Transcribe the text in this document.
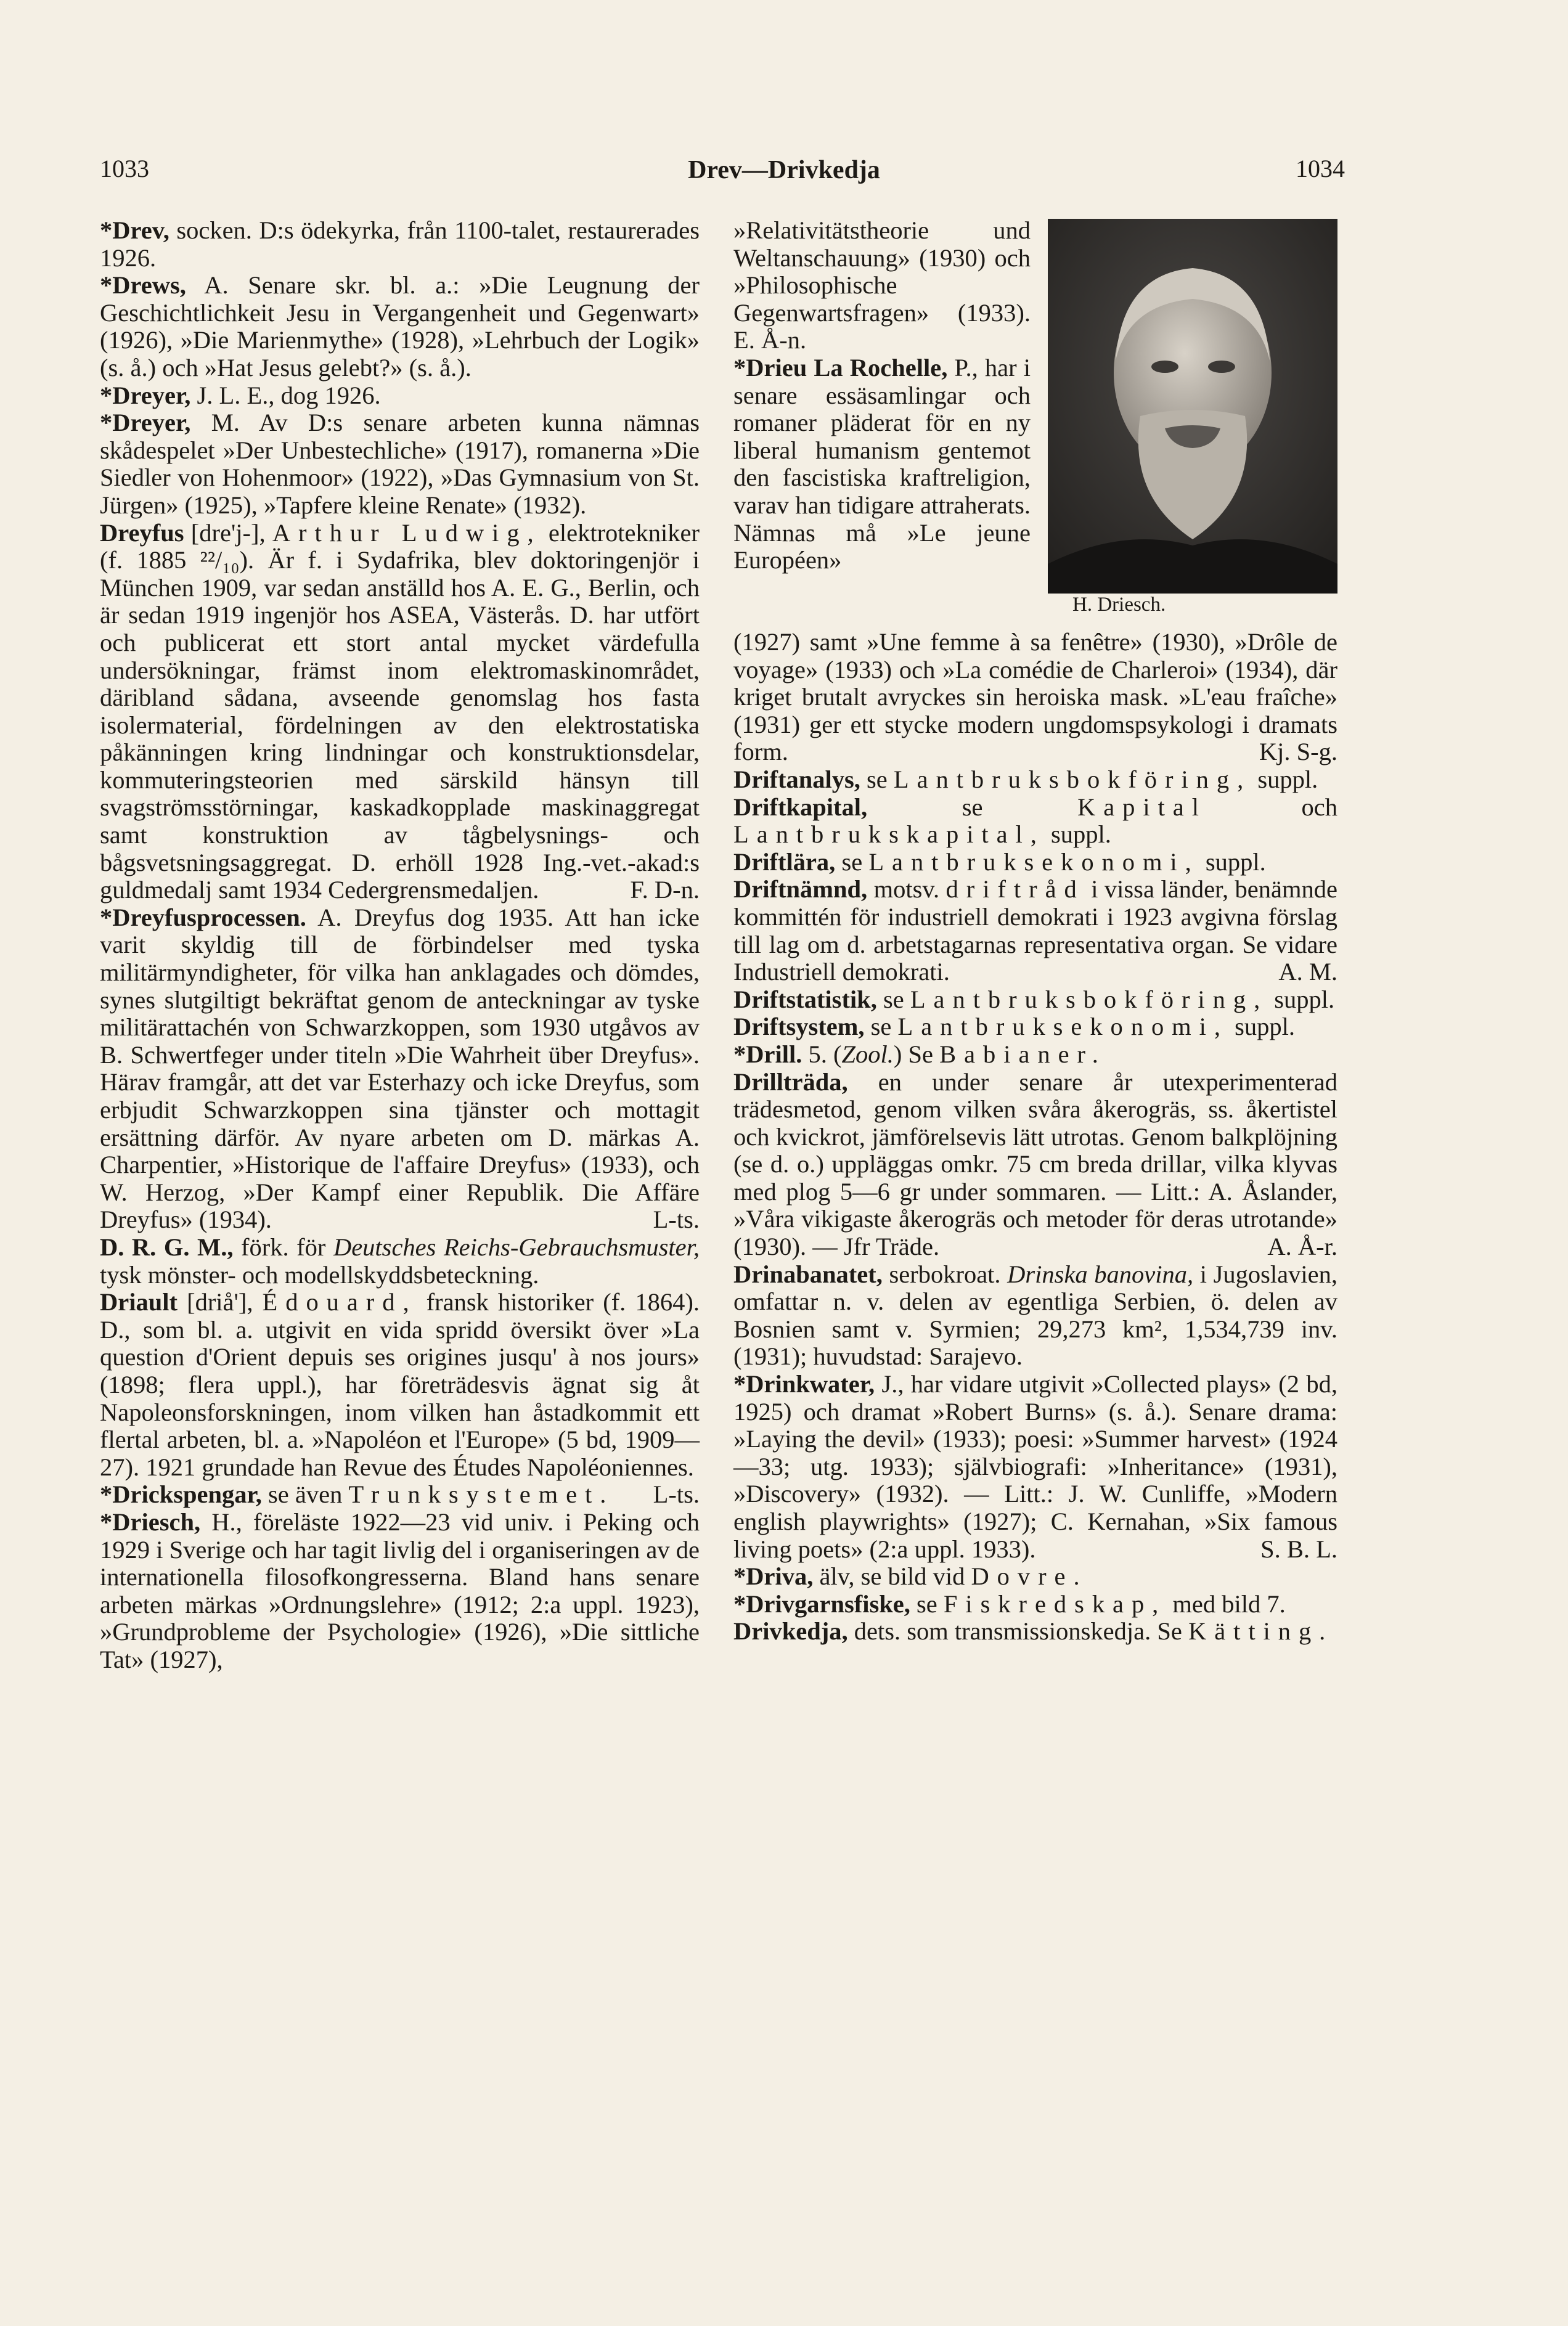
1033	Drev—Drivkedja	1034

*Drev, socken. D:s ödekyrka, från 1100-talet, restaurerades 1926.

*Drews, A. Senare skr. bl. a.: »Die Leugnung der Geschichtlichkeit Jesu in Vergangenheit und Gegenwart» (1926), »Die Marienmythe» (1928), »Lehrbuch der Logik» (s. å.) och »Hat Jesus gelebt?» (s. å.).

*Dreyer, J. L. E., dog 1926.

*Dreyer, M. Av D:s senare arbeten kunna nämnas skådespelet »Der Unbestechliche» (1917), romanerna »Die Siedler von Hohenmoor» (1922), »Das Gymnasium von St. Jürgen» (1925), »Tapfere kleine Renate» (1932).

Dreyfus [dre'j-], Arthur Ludwig, elektrotekniker (f. 1885 ²²/₁₀). Är f. i Sydafrika, blev doktoringenjör i München 1909, var sedan anställd hos A. E. G., Berlin, och är sedan 1919 ingenjör hos ASEA, Västerås. D. har utfört och publicerat ett stort antal mycket värdefulla undersökningar, främst inom elektromaskinområdet, däribland sådana, avseende genomslag hos fasta isolermaterial, fördelningen av den elektrostatiska påkänningen kring lindningar och konstruktionsdelar, kommuteringsteorien med särskild hänsyn till svagströmsstörningar, kaskadkopplade maskinaggregat samt konstruktion av tågbelysnings- och bågsvetsningsaggregat. D. erhöll 1928 Ing.-vet.-akad:s guldmedalj samt 1934 Cedergrensmedaljen.	F. D-n.

*Dreyfusprocessen. A. Dreyfus dog 1935. Att han icke varit skyldig till de förbindelser med tyska militärmyndigheter, för vilka han anklagades och dömdes, synes slutgiltigt bekräftat genom de anteckningar av tyske militärattachén von Schwarzkoppen, som 1930 utgåvos av B. Schwertfeger under titeln »Die Wahrheit über Dreyfus». Härav framgår, att det var Esterhazy och icke Dreyfus, som erbjudit Schwarzkoppen sina tjänster och mottagit ersättning därför. Av nyare arbeten om D. märkas A. Charpentier, »Historique de l'affaire Dreyfus» (1933), och W. Herzog, »Der Kampf einer Republik. Die Affäre Dreyfus» (1934).	L-ts.

D. R. G. M., förk. för Deutsches Reichs-Gebrauchsmuster, tysk mönster- och modellskyddsbeteckning.

Driault [driå'], Édouard, fransk historiker (f. 1864). D., som bl. a. utgivit en vida spridd översikt över »La question d'Orient depuis ses origines jusqu' à nos jours» (1898; flera uppl.), har företrädesvis ägnat sig åt Napoleonsforskningen, inom vilken han åstadkommit ett flertal arbeten, bl. a. »Napoléon et l'Europe» (5 bd, 1909—27). 1921 grundade han Revue des Études Napoléoniennes.
L-ts.

*Drickspengar, se även Trunksystemet.

*Driesch, H., föreläste 1922—23 vid univ. i Peking och 1929 i Sverige och har tagit livlig del i organiseringen av de internationella filosofkongresserna. Bland hans senare arbeten märkas »Ordnungslehre» (1912; 2:a uppl. 1923), »Grundprobleme der Psychologie» (1926), »Die sittliche Tat» (1927),

»Relativitätstheorie und Weltanschauung» (1930) och »Philosophische Gegenwartsfragen» (1933). E. Å-n.

*Drieu La Rochelle, P., har i senare essäsamlingar och romaner pläderat för en ny liberal humanism gentemot den fascistiska kraftreligion, varav han tidigare attraherats. Nämnas må »Le jeune Européen»

H. Driesch.

(1927) samt »Une femme à sa fenêtre» (1930), »Drôle de voyage» (1933) och »La comédie de Charleroi» (1934), där kriget brutalt avryckes sin heroiska mask. »L'eau fraîche» (1931) ger ett stycke modern ungdomspsykologi i dramats form.	Kj. S-g.

Driftanalys, se Lantbruksbokföring, suppl.

Driftkapital, se Kapital och Lantbrukskapital, suppl.

Driftlära, se Lantbruksekonomi, suppl.

Driftnämnd, motsv. driftråd i vissa länder, benämnde kommittén för industriell demokrati i 1923 avgivna förslag till lag om d. arbetstagarnas representativa organ. Se vidare Industriell demokrati.	A. M.

Driftstatistik, se Lantbruksbokföring, suppl.

Driftsystem, se Lantbruksekonomi, suppl.

*Drill. 5. (Zool.) Se Babianer.

Drillträda, en under senare år utexperimenterad trädesmetod, genom vilken svåra åkerogräs, ss. åkertistel och kvickrot, jämförelsevis lätt utrotas. Genom balkplöjning (se d. o.) uppläggas omkr. 75 cm breda drillar, vilka klyvas med plog 5—6 gr under sommaren. — Litt.: A. Åslander, »Våra vikigaste åkerogräs och metoder för deras utrotande» (1930). — Jfr Träde.	A. Å-r.

Drinabanatet, serbokroat. Drinska banovina, i Jugoslavien, omfattar n. v. delen av egentliga Serbien, ö. delen av Bosnien samt v. Syrmien; 29,273 km², 1,534,739 inv. (1931); huvudstad: Sarajevo.

*Drinkwater, J., har vidare utgivit »Collected plays» (2 bd, 1925) och dramat »Robert Burns» (s. å.). Senare drama: »Laying the devil» (1933); poesi: »Summer harvest» (1924—33; utg. 1933); självbiografi: »Inheritance» (1931), »Discovery» (1932). — Litt.: J. W. Cunliffe, »Modern english playwrights» (1927); C. Kernahan, »Six famous living poets» (2:a uppl. 1933).	S. B. L.

*Driva, älv, se bild vid Dovre.

*Drivgarnsfiske, se Fiskredskap, med bild 7.

Drivkedja, dets. som transmissionskedja. Se Kätting.
